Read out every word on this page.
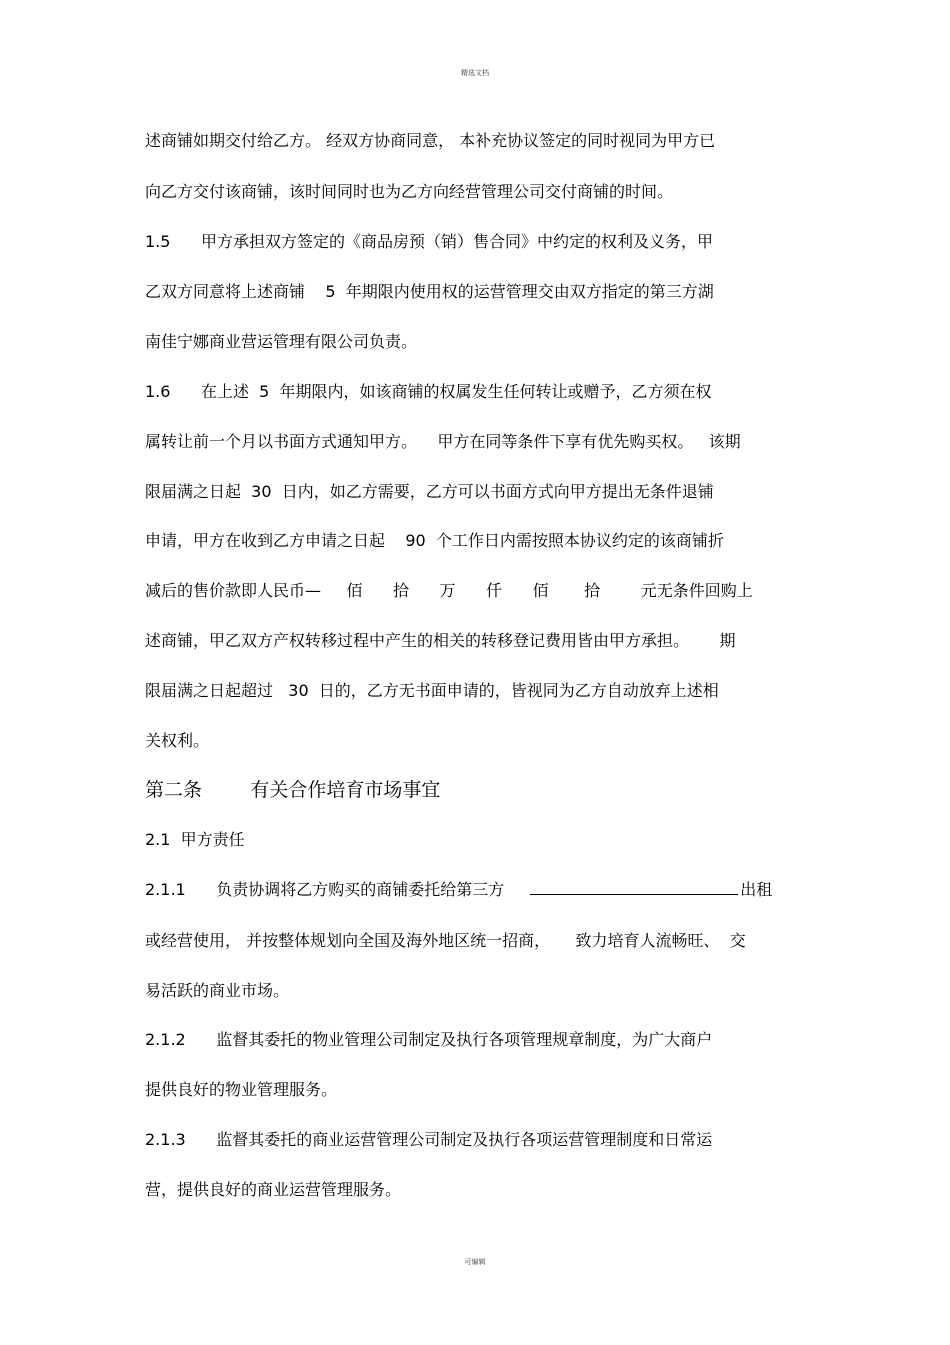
精选文档
述商铺如期交付给乙方。 经双方协商同意， 本补充协议签定的同时视同为甲方已
向乙方交付该商铺，该时间同时也为乙方向经营管理公司交付商铺的时间。
1.5      甲方承担双方签定的《商品房预（销）售合同》中约定的权利及义务，甲
乙双方同意将上述商铺    5  年期限内使用权的运营管理交由双方指定的第三方湖
南佳宁娜商业营运管理有限公司负责。
1.6      在上述  5  年期限内，如该商铺的权属发生任何转让或赠予，乙方须在权
属转让前一个月以书面方式通知甲方。    甲方在同等条件下享有优先购买权。   该期
限届满之日起  30  日内，如乙方需要，乙方可以书面方式向甲方提出无条件退铺
申请，甲方在收到乙方申请之日起    90  个工作日内需按照本协议约定的该商铺折
减后的售价款即人民币—     佰      拾      万      仟      佰       拾        元无条件回购上
述商铺，甲乙双方产权转移过程中产生的相关的转移登记费用皆由甲方承担。      期
限届满之日起超过   30  日的，乙方无书面申请的，皆视同为乙方自动放弃上述相
关权利。
第二条        有关合作培育市场事宜
2.1  甲方责任
2.1.1      负责协调将乙方购买的商铺委托给第三方	出租
或经营使用， 并按整体规划向全国及海外地区统一招商，     致力培育人流畅旺、  交
易活跃的商业市场。
2.1.2      监督其委托的物业管理公司制定及执行各项管理规章制度，为广大商户
提供良好的物业管理服务。
2.1.3      监督其委托的商业运营管理公司制定及执行各项运营管理制度和日常运
营，提供良好的商业运营管理服务。
可编辑
